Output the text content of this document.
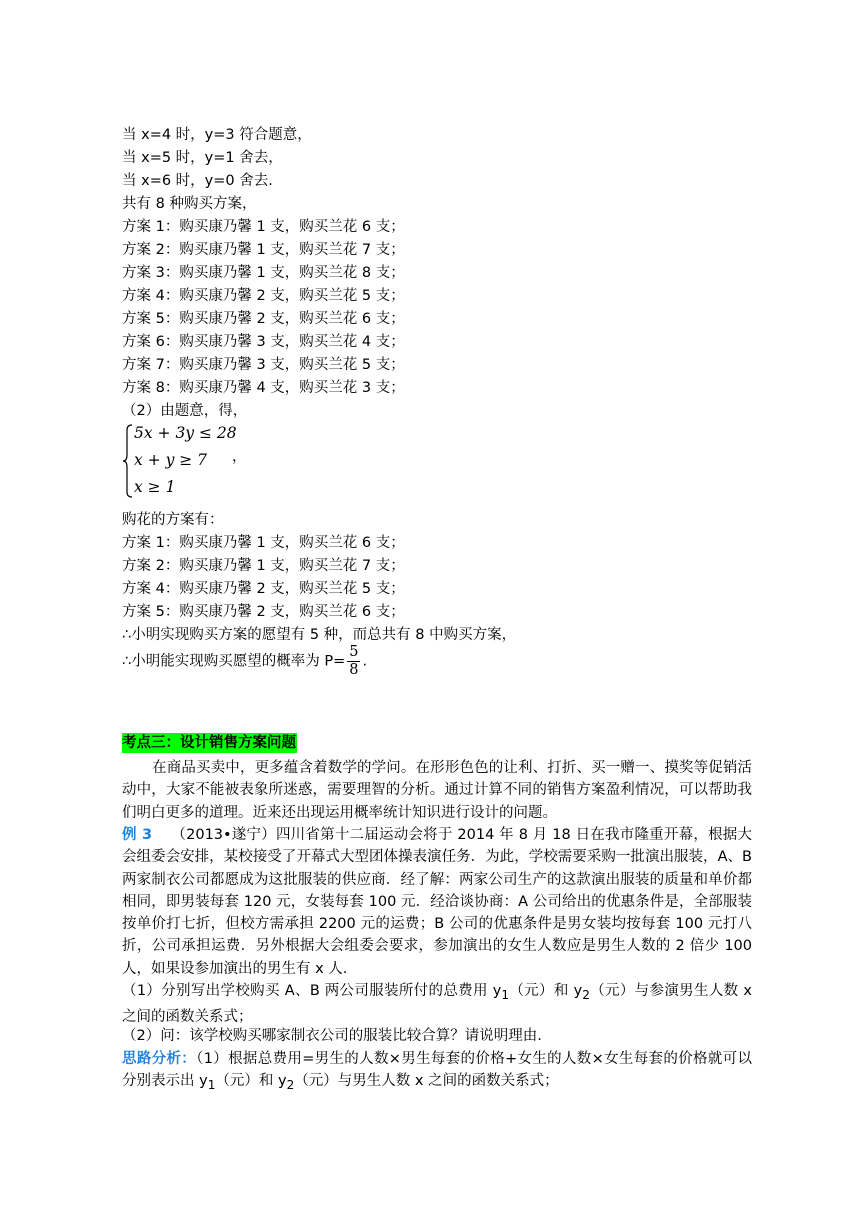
当 x=4 时，y=3 符合题意，
当 x=5 时，y=1 舍去，
当 x=6 时，y=0 舍去.
共有 8 种购买方案，
方案 1：购买康乃馨 1 支，购买兰花 6 支；
方案 2：购买康乃馨 1 支，购买兰花 7 支；
方案 3：购买康乃馨 1 支，购买兰花 8 支；
方案 4：购买康乃馨 2 支，购买兰花 5 支；
方案 5：购买康乃馨 2 支，购买兰花 6 支；
方案 6：购买康乃馨 3 支，购买兰花 4 支；
方案 7：购买康乃馨 3 支，购买兰花 5 支；
方案 8：购买康乃馨 4 支，购买兰花 3 支；
（2）由题意，得，
5x + 3y ≤ 28
x + y ≥ 7
x ≥ 1
，
购花的方案有：
方案 1：购买康乃馨 1 支，购买兰花 6 支；
方案 2：购买康乃馨 1 支，购买兰花 7 支；
方案 4：购买康乃馨 2 支，购买兰花 5 支；
方案 5：购买康乃馨 2 支，购买兰花 6 支；
∴小明实现购买方案的愿望有 5 种，而总共有 8 中购买方案，
∴小明能实现购买愿望的概率为 $P= \frac{5}{8}$ .
考点三：设计销售方案问题
在商品买卖中，更多蕴含着数学的学问。在形形色色的让利、打折、买一赠一、摸奖等促销活动中，大家不能被表象所迷惑，需要理智的分析。通过计算不同的销售方案盈利情况，可以帮助我们明白更多的道理。近来还出现运用概率统计知识进行设计的问题。
例 3 （2013•遂宁）四川省第十二届运动会将于 2014 年 8 月 18 日在我市隆重开幕，根据大会组委会安排，某校接受了开幕式大型团体操表演任务．为此，学校需要采购一批演出服装，A、B 两家制衣公司都愿成为这批服装的供应商．经了解：两家公司生产的这款演出服装的质量和单价都相同，即男装每套 120 元，女装每套 100 元．经洽谈协商：A 公司给出的优惠条件是，全部服装按单价打七折，但校方需承担 2200 元的运费；B 公司的优惠条件是男女装均按每套 100 元打八折，公司承担运费．另外根据大会组委会要求，参加演出的女生人数应是男生人数的 2 倍少 100 人，如果设参加演出的男生有 x 人.
（1）分别写出学校购买 A、B 两公司服装所付的总费用 $y_1$（元）和 $y_2$（元）与参演男生人数 x 之间的函数关系式；
（2）问：该学校购买哪家制衣公司的服装比较合算？请说明理由.
思路分析：（1）根据总费用=男生的人数×男生每套的价格+女生的人数×女生每套的价格就可以分别表示出 $y_1$（元）和 $y_2$（元）与男生人数 x 之间的函数关系式；
